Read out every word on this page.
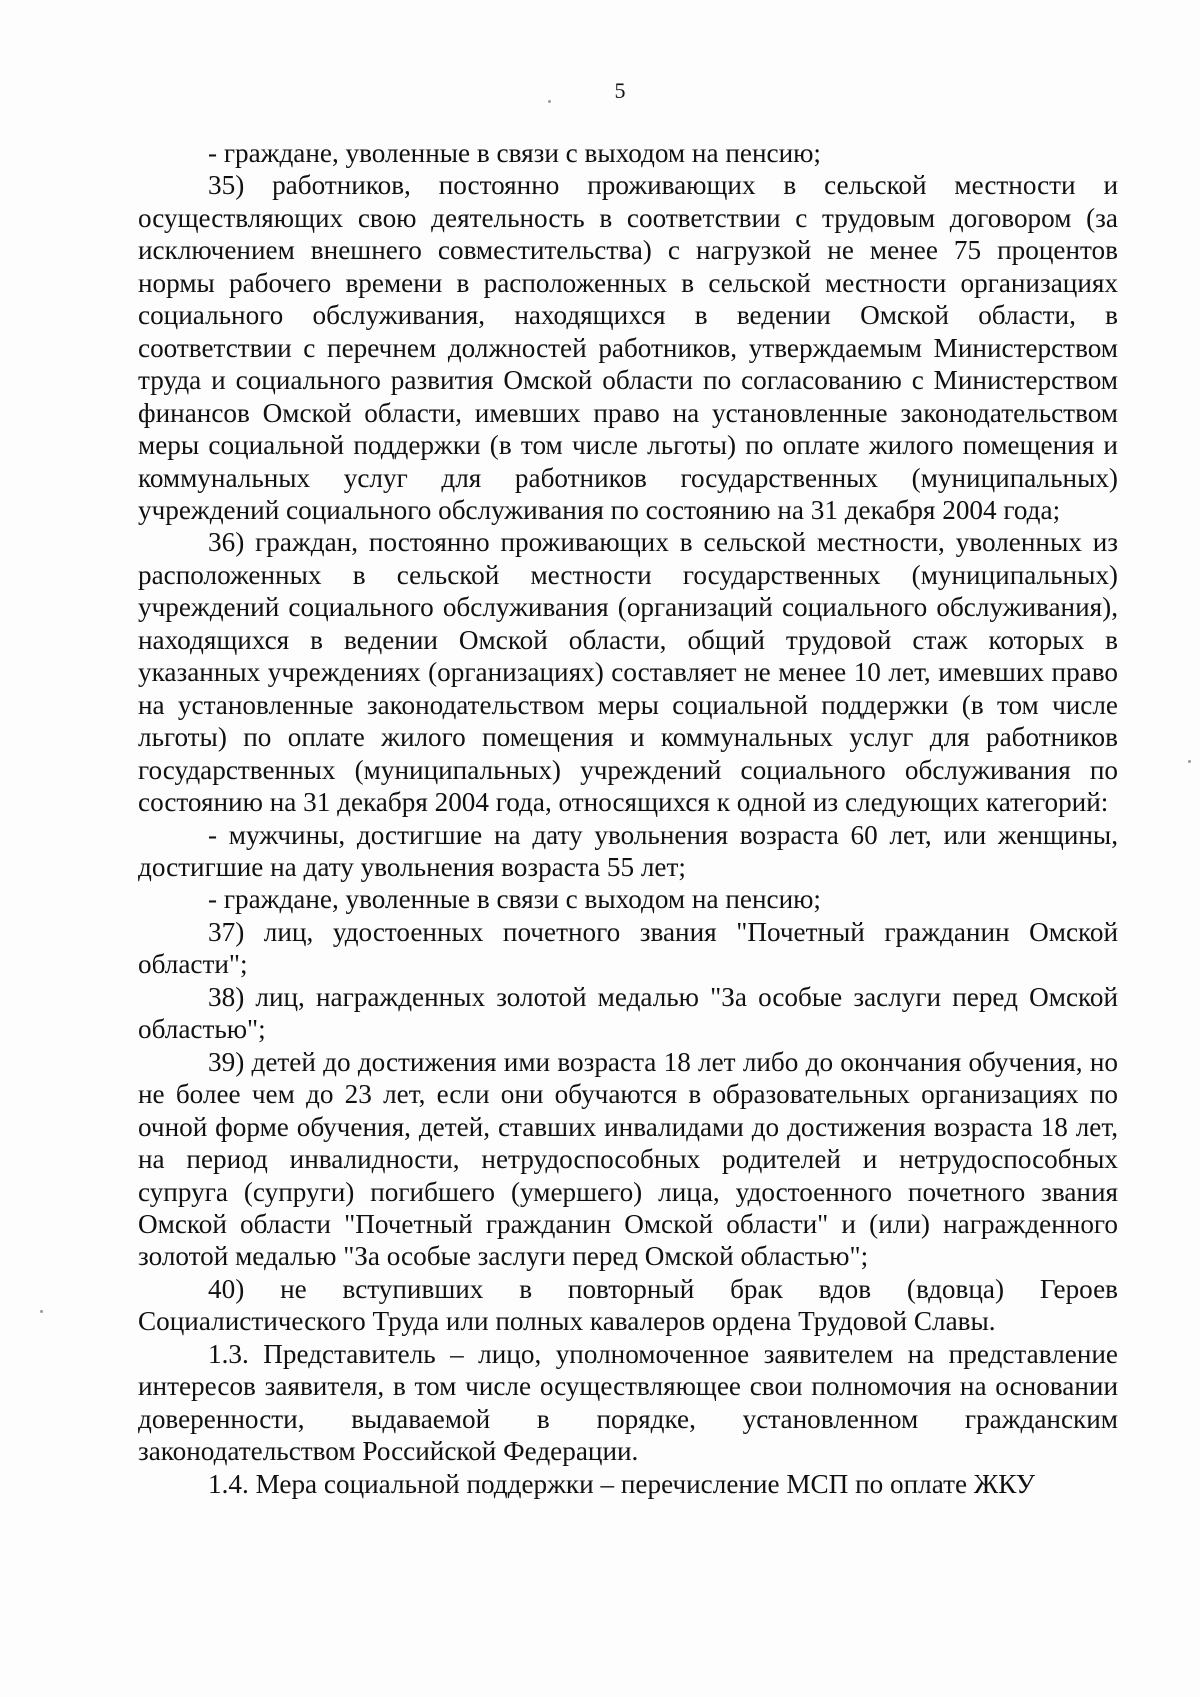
5

- граждане, уволенные в связи с выходом на пенсию;

35) работников, постоянно проживающих в сельской местности и осуществляющих свою деятельность в соответствии с трудовым договором (за исключением внешнего совместительства) с нагрузкой не менее 75 процентов нормы рабочего времени в расположенных в сельской местности организациях социального обслуживания, находящихся в ведении Омской области, в соответствии с перечнем должностей работников, утверждаемым Министерством труда и социального развития Омской области по согласованию с Министерством финансов Омской области, имевших право на установленные законодательством меры социальной поддержки (в том числе льготы) по оплате жилого помещения и коммунальных услуг для работников государственных (муниципальных) учреждений социального обслуживания по состоянию на 31 декабря 2004 года;

36) граждан, постоянно проживающих в сельской местности, уволенных из расположенных в сельской местности государственных (муниципальных) учреждений социального обслуживания (организаций социального обслуживания), находящихся в ведении Омской области, общий трудовой стаж которых в указанных учреждениях (организациях) составляет не менее 10 лет, имевших право на установленные законодательством меры социальной поддержки (в том числе льготы) по оплате жилого помещения и коммунальных услуг для работников государственных (муниципальных) учреждений социального обслуживания по состоянию на 31 декабря 2004 года, относящихся к одной из следующих категорий:

- мужчины, достигшие на дату увольнения возраста 60 лет, или женщины, достигшие на дату увольнения возраста 55 лет;

- граждане, уволенные в связи с выходом на пенсию;

37) лиц, удостоенных почетного звания "Почетный гражданин Омской области";

38) лиц, награжденных золотой медалью "За особые заслуги перед Омской областью";

39) детей до достижения ими возраста 18 лет либо до окончания обучения, но не более чем до 23 лет, если они обучаются в образовательных организациях по очной форме обучения, детей, ставших инвалидами до достижения возраста 18 лет, на период инвалидности, нетрудоспособных родителей и нетрудоспособных супруга (супруги) погибшего (умершего) лица, удостоенного почетного звания Омской области "Почетный гражданин Омской области" и (или) награжденного золотой медалью "За особые заслуги перед Омской областью";

40) не вступивших в повторный брак вдов (вдовца) Героев Социалистического Труда или полных кавалеров ордена Трудовой Славы.

1.3. Представитель – лицо, уполномоченное заявителем на представление интересов заявителя, в том числе осуществляющее свои полномочия на основании доверенности, выдаваемой в порядке, установленном гражданским законодательством Российской Федерации.

1.4. Мера социальной поддержки – перечисление МСП по оплате ЖКУ
